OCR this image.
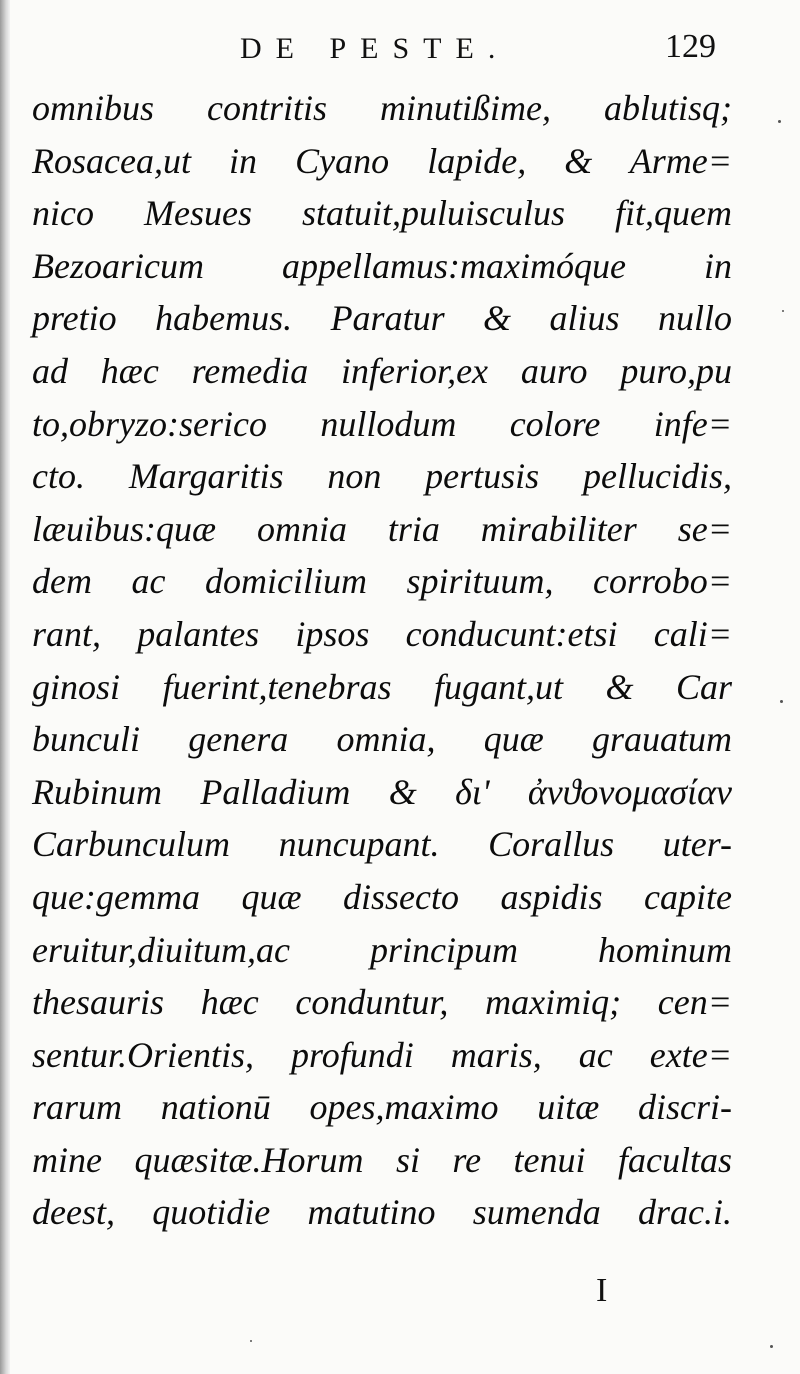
DE PESTE.	129
omnibus contritis minutißime, ablutisq;
Rosacea,ut in Cyano lapide, & Arme=
nico Mesues statuit,puluisculus fit,quem
Bezoaricum appellamus:maximóque in
pretio habemus. Paratur & alius nullo
ad hæc remedia inferior,ex auro puro,pu
to,obryzo:serico nullodum colore infe=
cto. Margaritis non pertusis pellucidis,
læuibus:quæ omnia tria mirabiliter se=
dem ac domicilium spirituum, corrobo=
rant, palantes ipsos conducunt:etsi cali=
ginosi fuerint,tenebras fugant,ut & Car
bunculi genera omnia, quæ grauatum
Rubinum Palladium & δι' ἀνϑονομασίαν
Carbunculum nuncupant. Corallus uter-
que:gemma quæ dissecto aspidis capite
eruitur,diuitum,ac principum hominum
thesauris hæc conduntur, maximiq; cen=
sentur.Orientis, profundi maris, ac exte=
rarum nationū opes,maximo uitæ discri-
mine quæsitæ.Horum si re tenui facultas
deest, quotidie matutino sumenda drac.i.
I
